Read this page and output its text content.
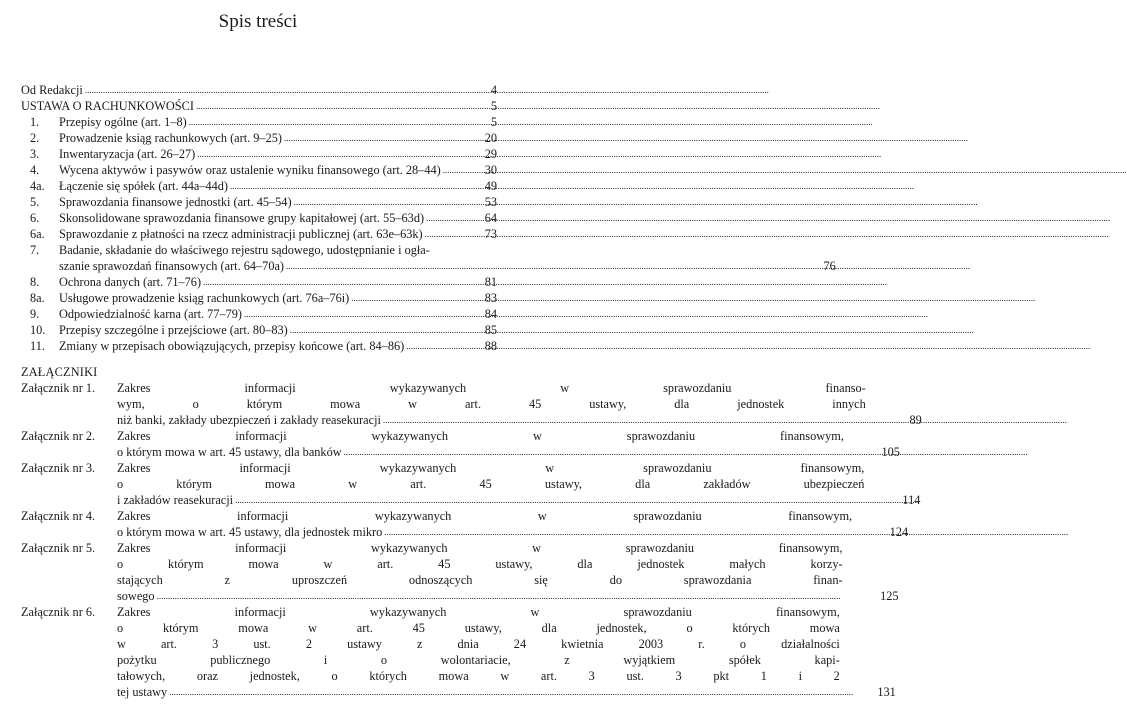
Spis treści
Od Redakcji .....	4
USTAWA O RACHUNKOWOŚCI .....	5
1.	Przepisy ogólne (art. 1–8) .....	5
2.	Prowadzenie ksiąg rachunkowych (art. 9–25) .....	20
3.	Inwentaryzacja (art. 26–27) .....	29
4.	Wycena aktywów i pasywów oraz ustalenie wyniku finansowego (art. 28–44) .....	30
4a.	Łączenie się spółek (art. 44a–44d) .....	49
5.	Sprawozdania finansowe jednostki (art. 45–54) .....	53
6.	Skonsolidowane sprawozdania finansowe grupy kapitałowej (art. 55–63d) .....	64
6a.	Sprawozdanie z płatności na rzecz administracji publicznej (art. 63e–63k) .....	73
7.	Badanie, składanie do właściwego rejestru sądowego, udostępnianie i ogła-
szanie sprawozdań finansowych (art. 64–70a) .....	76
8.	Ochrona danych (art. 71–76) .....	81
8a.	Usługowe prowadzenie ksiąg rachunkowych (art. 76a–76i) .....	83
9.	Odpowiedzialność karna (art. 77–79) .....	84
10.	Przepisy szczególne i przejściowe (art. 80–83) .....	85
11.	Zmiany w przepisach obowiązujących, przepisy końcowe (art. 84–86) .....	88
ZAŁĄCZNIKI
Załącznik nr 1.	Zakres informacji wykazywanych w sprawozdaniu finanso-
wym, o którym mowa w art. 45 ustawy, dla jednostek innych
niż banki, zakłady ubezpieczeń i zakłady reasekuracji .....	89
Załącznik nr 2.	Zakres informacji wykazywanych w sprawozdaniu finansowym,
o którym mowa w art. 45 ustawy, dla banków .....	105
Załącznik nr 3.	Zakres informacji wykazywanych w sprawozdaniu finansowym,
o którym mowa w art. 45 ustawy, dla zakładów ubezpieczeń
i zakładów reasekuracji .....	114
Załącznik nr 4.	Zakres informacji wykazywanych w sprawozdaniu finansowym,
o którym mowa w art. 45 ustawy, dla jednostek mikro .....	124
Załącznik nr 5.	Zakres informacji wykazywanych w sprawozdaniu finansowym,
o którym mowa w art. 45 ustawy, dla jednostek małych korzy-
stających z uproszczeń odnoszących się do sprawozdania finan-
sowego .....	125
Załącznik nr 6.	Zakres informacji wykazywanych w sprawozdaniu finansowym,
o którym mowa w art. 45 ustawy, dla jednostek, o których mowa
w art. 3 ust. 2 ustawy z dnia 24 kwietnia 2003 r. o działalności
pożytku publicznego i o wolontariacie, z wyjątkiem spółek kapi-
tałowych, oraz jednostek, o których mowa w art. 3 ust. 3 pkt 1 i 2
tej ustawy .....	131
